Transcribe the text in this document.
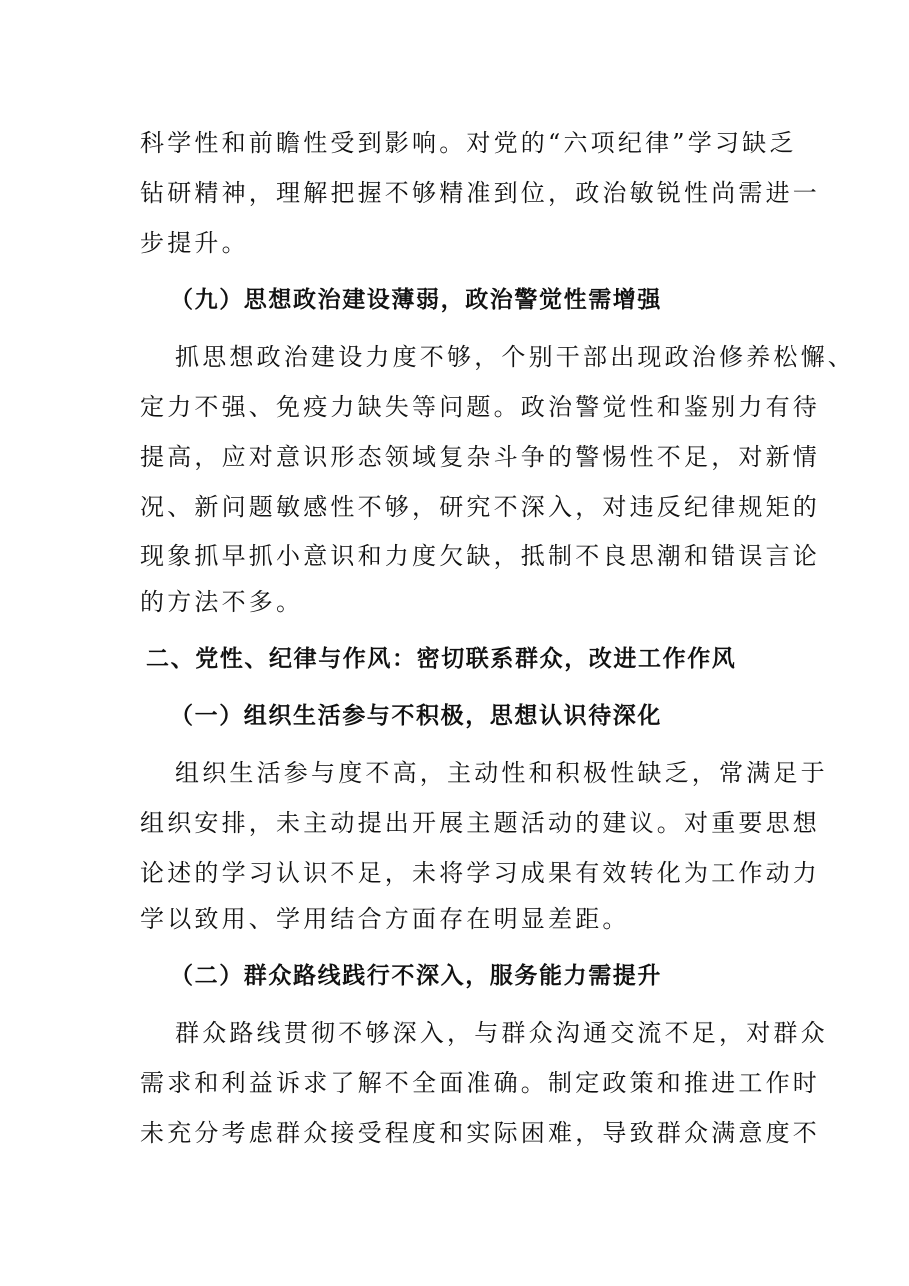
科学性和前瞻性受到影响。对党的“六项纪律”学习缺乏
钻研精神，理解把握不够精准到位，政治敏锐性尚需进一
步提升。
（九）思想政治建设薄弱，政治警觉性需增强
抓思想政治建设力度不够，个别干部出现政治修养松懈、
定力不强、免疫力缺失等问题。政治警觉性和鉴别力有待
提高，应对意识形态领域复杂斗争的警惕性不足，对新情
况、新问题敏感性不够，研究不深入，对违反纪律规矩的
现象抓早抓小意识和力度欠缺，抵制不良思潮和错误言论
的方法不多。
二、党性、纪律与作风：密切联系群众，改进工作作风
（一）组织生活参与不积极，思想认识待深化
组织生活参与度不高，主动性和积极性缺乏，常满足于
组织安排，未主动提出开展主题活动的建议。对重要思想
论述的学习认识不足，未将学习成果有效转化为工作动力
学以致用、学用结合方面存在明显差距。
（二）群众路线践行不深入，服务能力需提升
群众路线贯彻不够深入，与群众沟通交流不足，对群众
需求和利益诉求了解不全面准确。制定政策和推进工作时
未充分考虑群众接受程度和实际困难，导致群众满意度不
